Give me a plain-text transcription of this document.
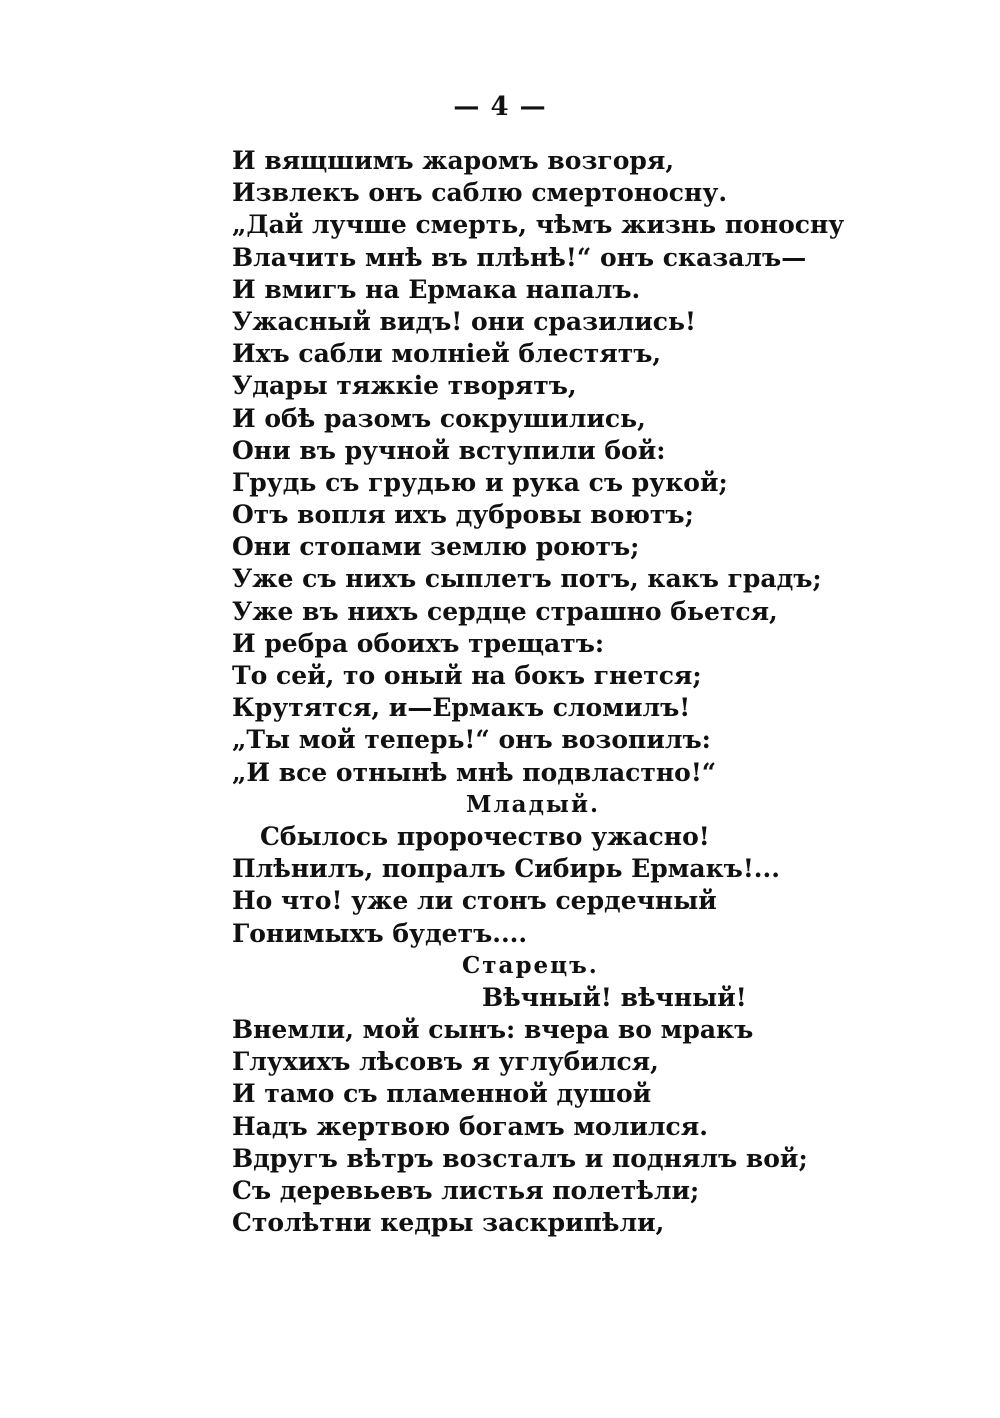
— 4 —
И вящшимъ жаромъ возгоря,
Извлекъ онъ саблю смертоносну.
„Дай лучше смерть, чѣмъ жизнь поносну
Влачить мнѣ въ плѣнѣ!“ онъ сказалъ—
И вмигъ на Ермака напалъ.
Ужасный видъ! они сразились!
Ихъ сабли молніей блестятъ,
Удары тяжкіе творятъ,
И обѣ разомъ сокрушились,
Они въ ручной вступили бой:
Грудь съ грудью и рука съ рукой;
Отъ вопля ихъ дубровы воютъ;
Они стопами землю роютъ;
Уже съ нихъ сыплетъ потъ, какъ градъ;
Уже въ нихъ сердце страшно бьется,
И ребра обоихъ трещатъ:
То сей, то оный на бокъ гнется;
Крутятся, и—Ермакъ сломилъ!
„Ты мой теперь!“ онъ возопилъ:
„И все отнынѣ мнѣ подвластно!“
Младый.
Сбылось пророчество ужасно!
Плѣнилъ, попралъ Сибирь Ермакъ!...
Но что! уже ли стонъ сердечный
Гонимыхъ будетъ....
Старецъ.
Вѣчный! вѣчный!
Внемли, мой сынъ: вчера во мракъ
Глухихъ лѣсовъ я углубился,
И тамо съ пламенной душой
Надъ жертвою богамъ молился.
Вдругъ вѣтръ возсталъ и поднялъ вой;
Съ деревьевъ листья полетѣли;
Столѣтни кедры заскрипѣли,
